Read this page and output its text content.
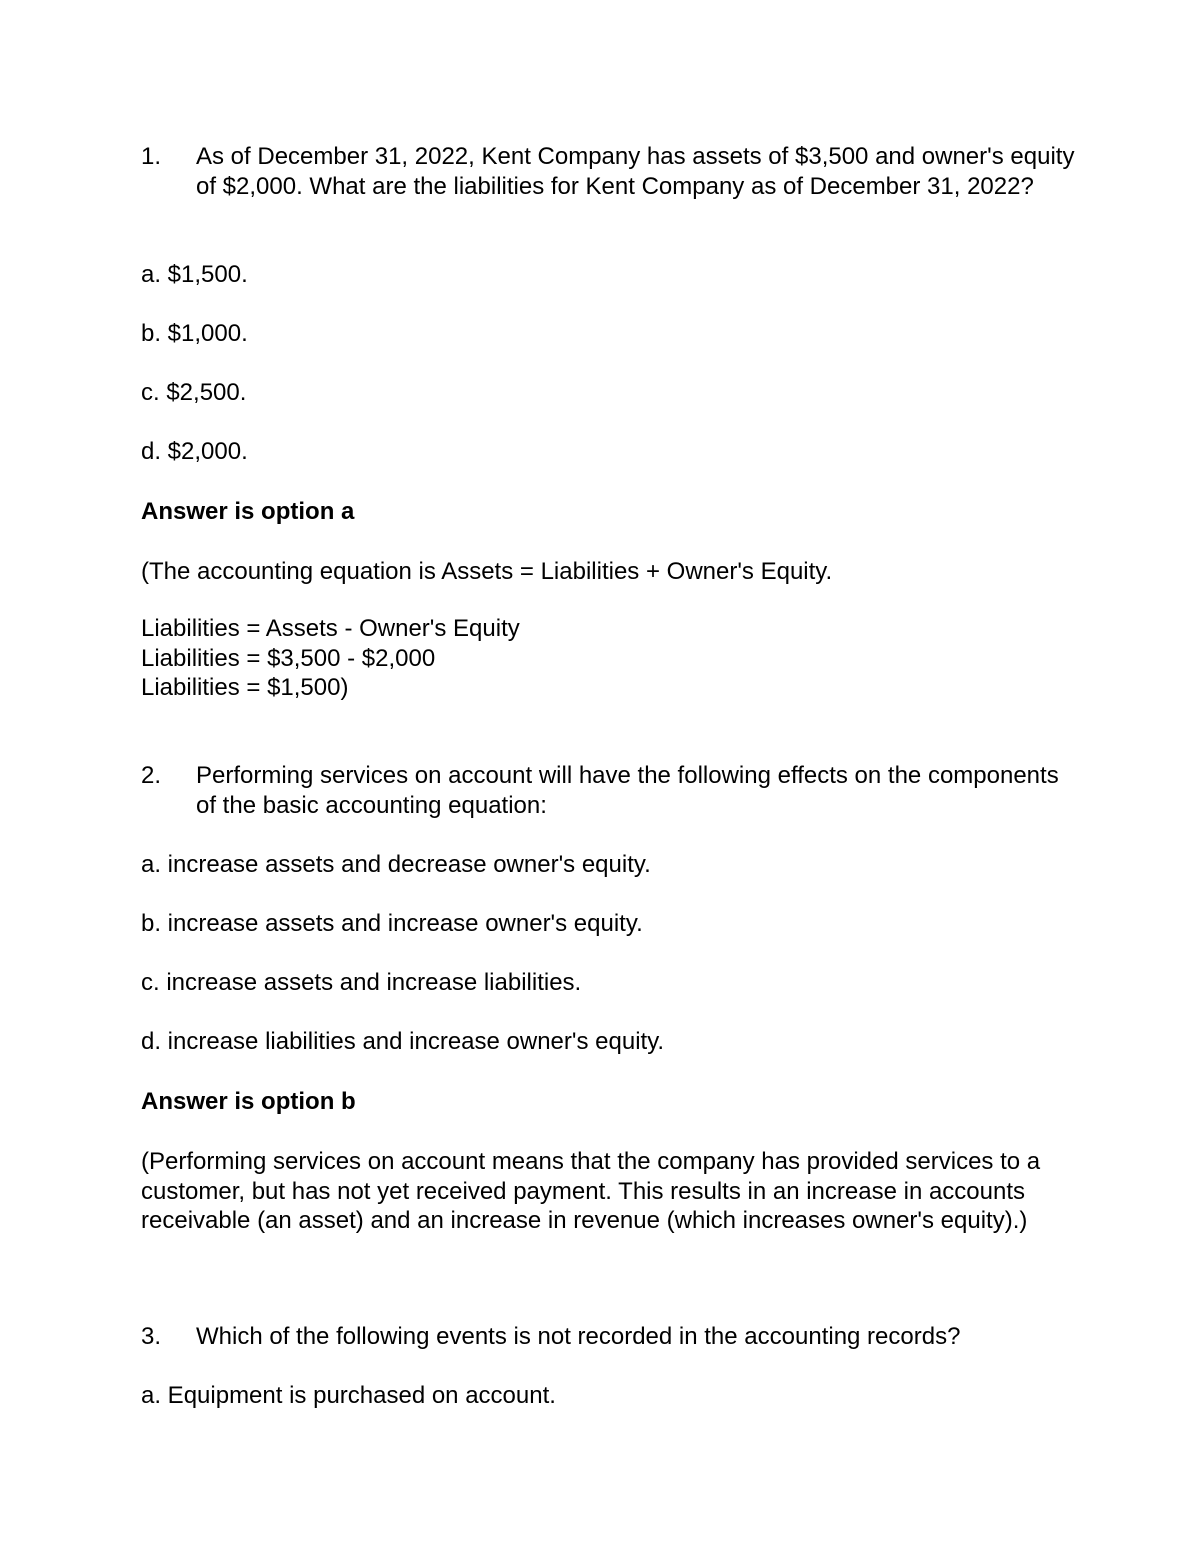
1. As of December 31, 2022, Kent Company has assets of $3,500 and owner's equity of $2,000. What are the liabilities for Kent Company as of December 31, 2022?

a. $1,500.

b. $1,000.

c. $2,500.

d. $2,000.

Answer is option a

(The accounting equation is Assets = Liabilities + Owner's Equity.

Liabilities = Assets - Owner's Equity

Liabilities = $3,500 - $2,000

Liabilities = $1,500)

2. Performing services on account will have the following effects on the components of the basic accounting equation:

a. increase assets and decrease owner's equity.

b. increase assets and increase owner's equity.

c. increase assets and increase liabilities.

d. increase liabilities and increase owner's equity.

Answer is option b

(Performing services on account means that the company has provided services to a customer, but has not yet received payment. This results in an increase in accounts receivable (an asset) and an increase in revenue (which increases owner's equity).)

3. Which of the following events is not recorded in the accounting records?

a. Equipment is purchased on account.
